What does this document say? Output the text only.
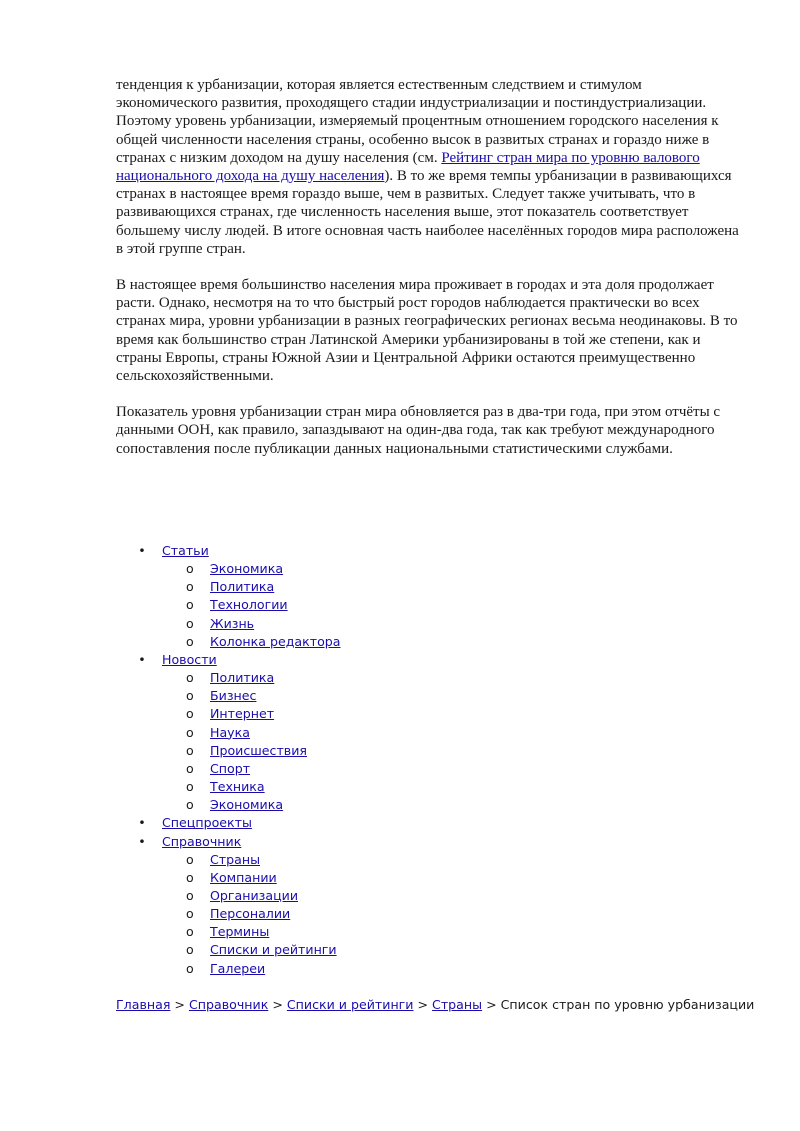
тенденция к урбанизации, которая является естественным следствием и стимулом экономического развития, проходящего стадии индустриализации и постиндустриализации. Поэтому уровень урбанизации, измеряемый процентным отношением городского населения к общей численности населения страны, особенно высок в развитых странах и гораздо ниже в странах с низким доходом на душу населения (см. Рейтинг стран мира по уровню валового национального дохода на душу населения). В то же время темпы урбанизации в развивающихся странах в настоящее время гораздо выше, чем в развитых. Следует также учитывать, что в развивающихся странах, где численность населения выше, этот показатель соответствует большему числу людей. В итоге основная часть наиболее населённых городов мира расположена в этой группе стран.

В настоящее время большинство населения мира проживает в городах и эта доля продолжает расти. Однако, несмотря на то что быстрый рост городов наблюдается практически во всех странах мира, уровни урбанизации в разных географических регионах весьма неодинаковы. В то время как большинство стран Латинской Америки урбанизированы в той же степени, как и страны Европы, страны Южной Азии и Центральной Африки остаются преимущественно сельскохозяйственными.

Показатель уровня урбанизации стран мира обновляется раз в два-три года, при этом отчёты с данными ООН, как правило, запаздывают на один-два года, так как требуют международного сопоставления после публикации данных национальными статистическими службами.

• Статьи
o	Экономика
o	Политика
o	Технологии
o	Жизнь
o	Колонка редактора
• Новости
o	Политика
o	Бизнес
o	Интернет
o	Наука
o	Происшествия
o	Спорт
o	Техника
o	Экономика
• Спецпроекты
• Справочник
o	Страны
o	Компании
o	Организации
o	Персоналии
o	Термины
o	Списки и рейтинги
o	Галереи
Главная > Справочник > Списки и рейтинги > Страны > Список стран по уровню урбанизации
